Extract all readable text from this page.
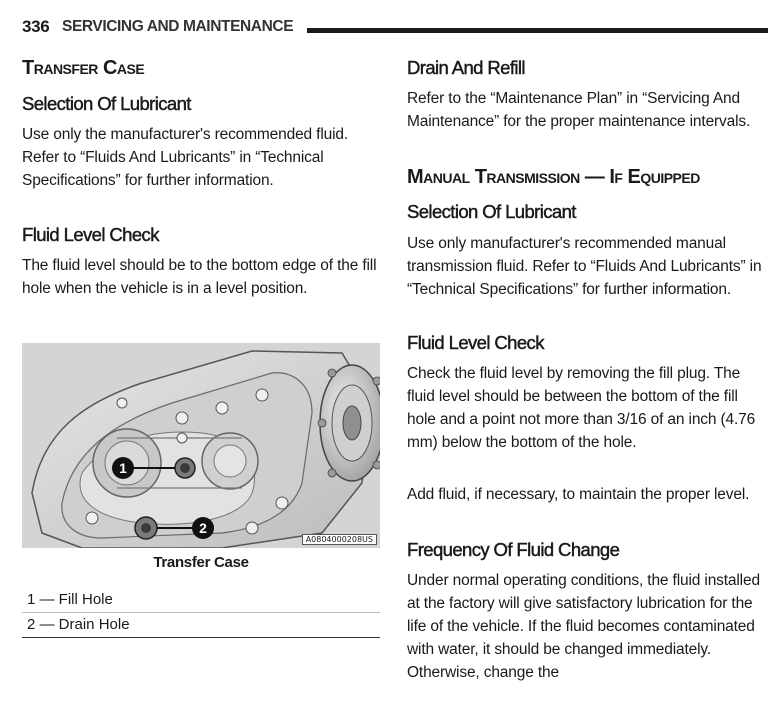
336 SERVICING AND MAINTENANCE
Transfer Case
Selection Of Lubricant

Use only the manufacturer's recommended fluid. Refer to “Fluids And Lubricants” in “Technical Specifications” for further information.

Fluid Level Check

The fluid level should be to the bottom edge of the fill hole when the vehicle is in a level position.

1
2
A0804000208US
Transfer Case
1 — Fill Hole
2 — Drain Hole
Drain And Refill

Refer to the “Maintenance Plan” in “Servicing And Maintenance” for the proper maintenance intervals.

Manual Transmission — If Equipped
Selection Of Lubricant

Use only manufacturer's recommended manual transmission fluid. Refer to “Fluids And Lubricants” in “Technical Specifications” for further information.

Fluid Level Check

Check the fluid level by removing the fill plug. The fluid level should be between the bottom of the fill hole and a point not more than 3/16 of an inch (4.76 mm) below the bottom of the hole.

Add fluid, if necessary, to maintain the proper level.

Frequency Of Fluid Change

Under normal operating conditions, the fluid installed at the factory will give satisfactory lubrication for the life of the vehicle. If the fluid becomes contaminated with water, it should be changed immediately. Otherwise, change the
